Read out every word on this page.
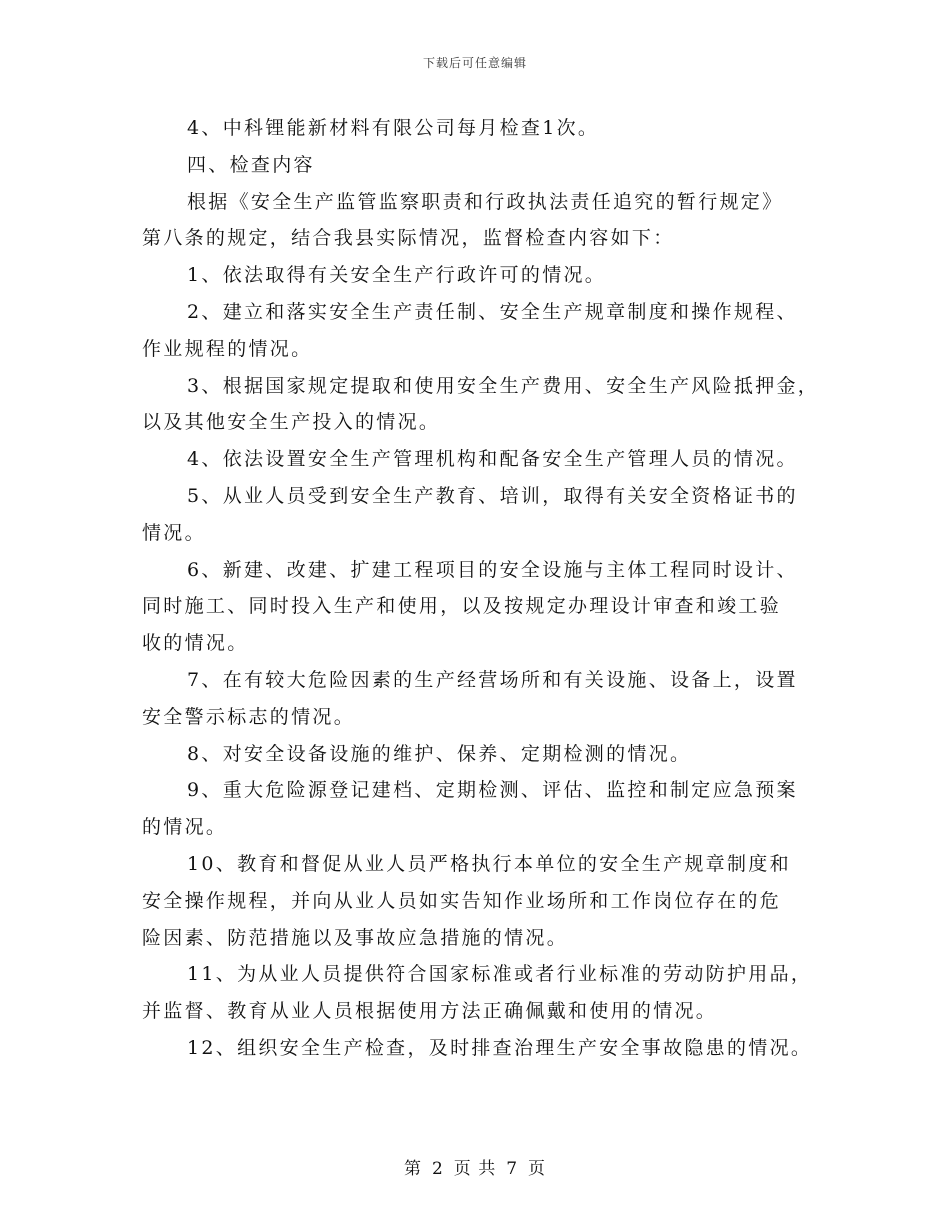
下载后可任意编辑

4、中科锂能新材料有限公司每月检查1次。

四、检查内容

根据《安全生产监管监察职责和行政执法责任追究的暂行规定》

第八条的规定，结合我县实际情况，监督检查内容如下：

1、依法取得有关安全生产行政许可的情况。

2、建立和落实安全生产责任制、安全生产规章制度和操作规程、

作业规程的情况。

3、根据国家规定提取和使用安全生产费用、安全生产风险抵押金，

以及其他安全生产投入的情况。

4、依法设置安全生产管理机构和配备安全生产管理人员的情况。

5、从业人员受到安全生产教育、培训，取得有关安全资格证书的

情况。

6、新建、改建、扩建工程项目的安全设施与主体工程同时设计、

同时施工、同时投入生产和使用，以及按规定办理设计审查和竣工验

收的情况。

7、在有较大危险因素的生产经营场所和有关设施、设备上，设置

安全警示标志的情况。

8、对安全设备设施的维护、保养、定期检测的情况。

9、重大危险源登记建档、定期检测、评估、监控和制定应急预案

的情况。

10、教育和督促从业人员严格执行本单位的安全生产规章制度和

安全操作规程，并向从业人员如实告知作业场所和工作岗位存在的危

险因素、防范措施以及事故应急措施的情况。

11、为从业人员提供符合国家标准或者行业标准的劳动防护用品，

并监督、教育从业人员根据使用方法正确佩戴和使用的情况。

12、组织安全生产检查，及时排查治理生产安全事故隐患的情况。

第 2 页 共 7 页
